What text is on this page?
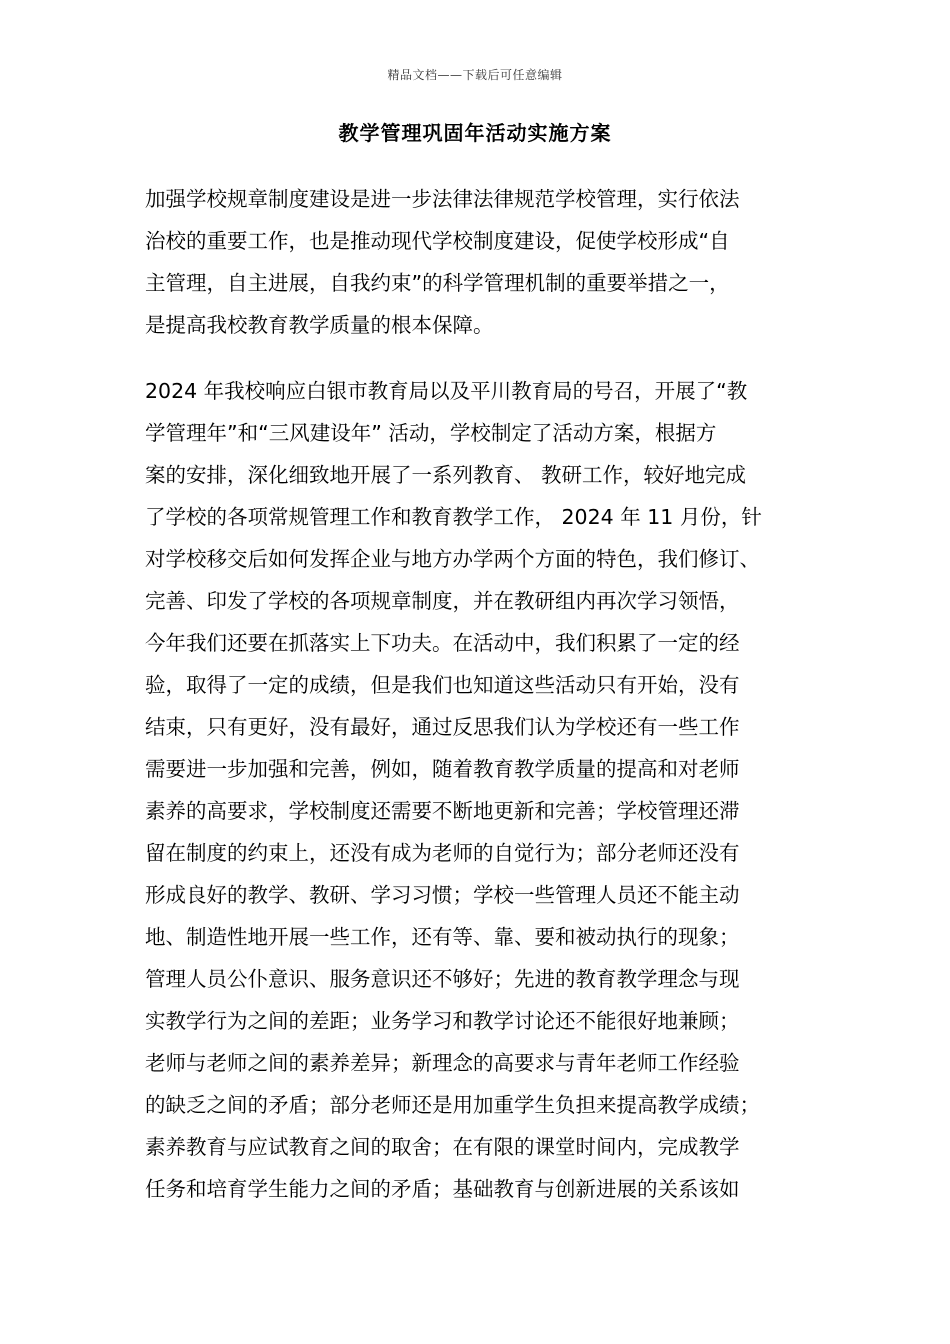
精品文档——下载后可任意编辑
教学管理巩固年活动实施方案
加强学校规章制度建设是进一步法律法律规范学校管理，实行依法
治校的重要工作，也是推动现代学校制度建设，促使学校形成“自
主管理，自主进展，自我约束”的科学管理机制的重要举措之一，
是提高我校教育教学质量的根本保障。
2024 年我校响应白银市教育局以及平川教育局的号召，开展了“教
学管理年”和“三风建设年” 活动，学校制定了活动方案，根据方
案的安排，深化细致地开展了一系列教育、 教研工作，较好地完成
了学校的各项常规管理工作和教育教学工作， 2024 年 11 月份，针
对学校移交后如何发挥企业与地方办学两个方面的特色，我们修订、
完善、印发了学校的各项规章制度，并在教研组内再次学习领悟，
今年我们还要在抓落实上下功夫。在活动中，我们积累了一定的经
验，取得了一定的成绩，但是我们也知道这些活动只有开始，没有
结束，只有更好，没有最好，通过反思我们认为学校还有一些工作
需要进一步加强和完善，例如，随着教育教学质量的提高和对老师
素养的高要求，学校制度还需要不断地更新和完善；学校管理还滞
留在制度的约束上，还没有成为老师的自觉行为；部分老师还没有
形成良好的教学、教研、学习习惯；学校一些管理人员还不能主动
地、制造性地开展一些工作，还有等、靠、要和被动执行的现象；
管理人员公仆意识、服务意识还不够好；先进的教育教学理念与现
实教学行为之间的差距；业务学习和教学讨论还不能很好地兼顾；
老师与老师之间的素养差异；新理念的高要求与青年老师工作经验
的缺乏之间的矛盾；部分老师还是用加重学生负担来提高教学成绩；
素养教育与应试教育之间的取舍；在有限的课堂时间内，完成教学
任务和培育学生能力之间的矛盾；基础教育与创新进展的关系该如
